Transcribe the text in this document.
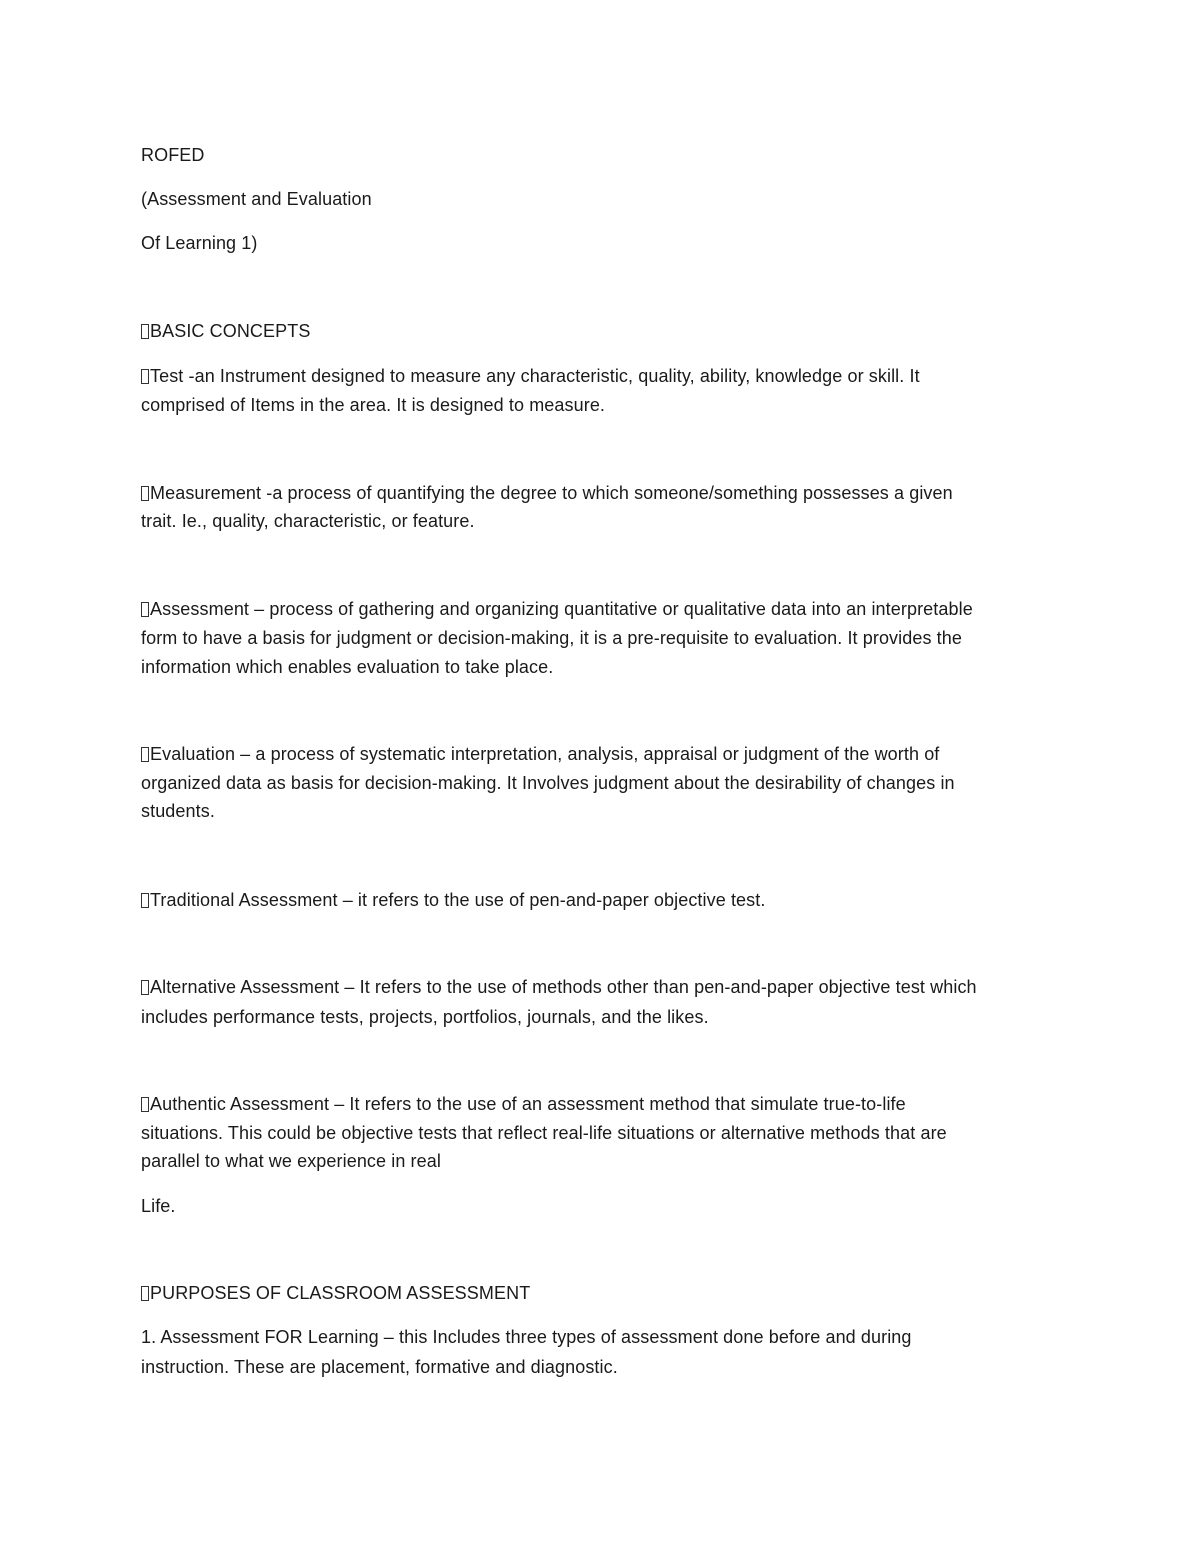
ROFED
(Assessment and Evaluation
Of Learning 1)
BASIC CONCEPTS
Test -an Instrument designed to measure any characteristic, quality, ability, knowledge or skill. It
comprised of Items in the area. It is designed to measure.
Measurement -a process of quantifying the degree to which someone/something possesses a given
trait. Ie., quality, characteristic, or feature.
Assessment – process of gathering and organizing quantitative or qualitative data into an interpretable
form to have a basis for judgment or decision-making, it is a pre-requisite to evaluation. It provides the
information which enables evaluation to take place.
Evaluation – a process of systematic interpretation, analysis, appraisal or judgment of the worth of
organized data as basis for decision-making. It Involves judgment about the desirability of changes in
students.
Traditional Assessment – it refers to the use of pen-and-paper objective test.
Alternative Assessment – It refers to the use of methods other than pen-and-paper objective test which
includes performance tests, projects, portfolios, journals, and the likes.
Authentic Assessment – It refers to the use of an assessment method that simulate true-to-life
situations. This could be objective tests that reflect real-life situations or alternative methods that are
parallel to what we experience in real
Life.
PURPOSES OF CLASSROOM ASSESSMENT
1. Assessment FOR Learning – this Includes three types of assessment done before and during
instruction. These are placement, formative and diagnostic.
